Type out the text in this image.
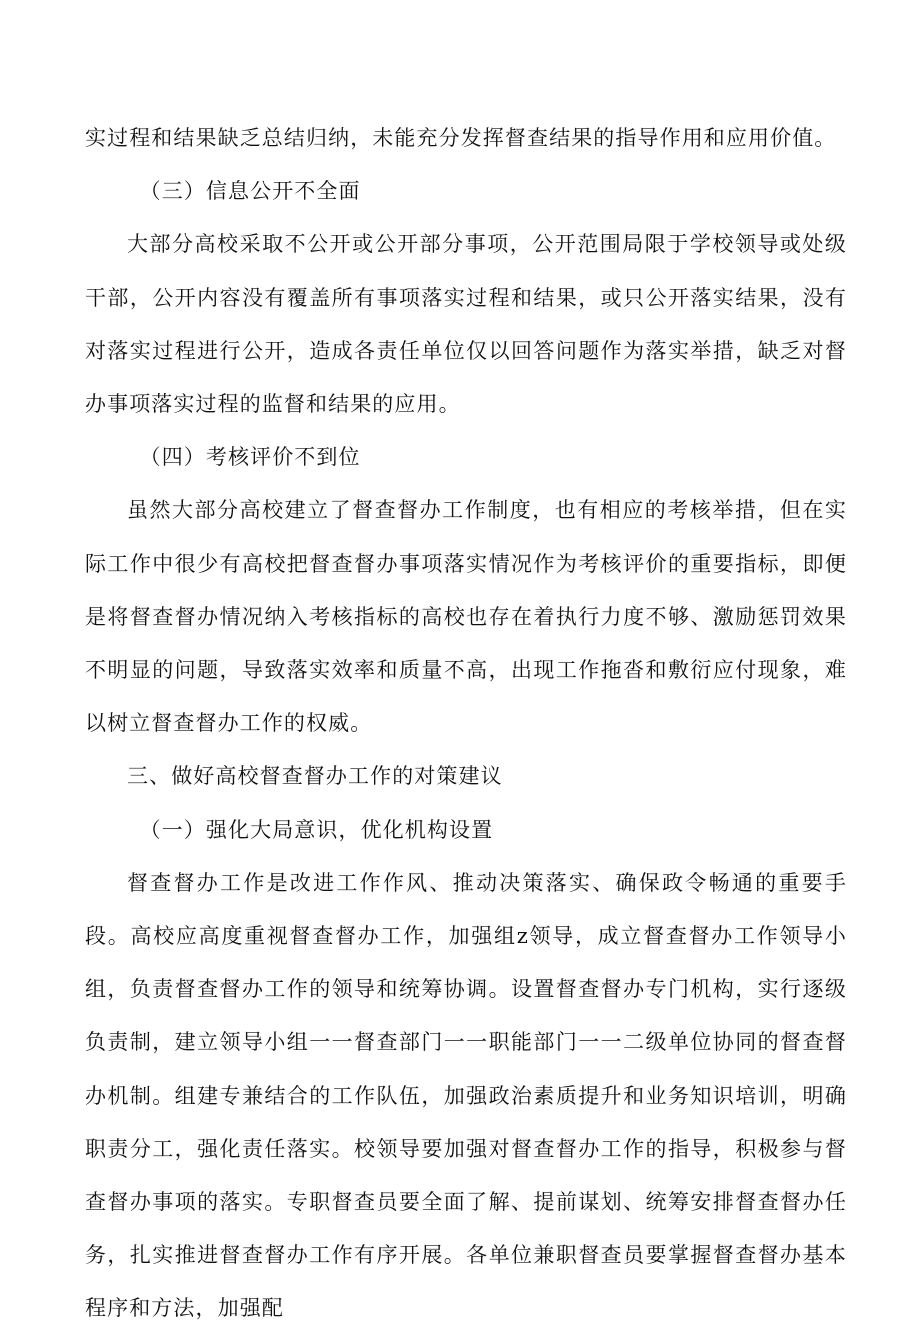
实过程和结果缺乏总结归纳，未能充分发挥督查结果的指导作用和应用价值。

（三）信息公开不全面

大部分高校采取不公开或公开部分事项，公开范围局限于学校领导或处级干部，公开内容没有覆盖所有事项落实过程和结果，或只公开落实结果，没有对落实过程进行公开，造成各责任单位仅以回答问题作为落实举措，缺乏对督办事项落实过程的监督和结果的应用。

（四）考核评价不到位

虽然大部分高校建立了督查督办工作制度，也有相应的考核举措，但在实际工作中很少有高校把督查督办事项落实情况作为考核评价的重要指标，即便是将督查督办情况纳入考核指标的高校也存在着执行力度不够、激励惩罚效果不明显的问题，导致落实效率和质量不高，出现工作拖沓和敷衍应付现象，难以树立督查督办工作的权威。

三、做好高校督查督办工作的对策建议

（一）强化大局意识，优化机构设置

督查督办工作是改进工作作风、推动决策落实、确保政令畅通的重要手段。高校应高度重视督查督办工作，加强组z领导，成立督查督办工作领导小组，负责督查督办工作的领导和统筹协调。设置督查督办专门机构，实行逐级负责制，建立领导小组一一督查部门一一职能部门一一二级单位协同的督查督办机制。组建专兼结合的工作队伍，加强政治素质提升和业务知识培训，明确职责分工，强化责任落实。校领导要加强对督查督办工作的指导，积极参与督查督办事项的落实。专职督查员要全面了解、提前谋划、统筹安排督查督办任务，扎实推进督查督办工作有序开展。各单位兼职督查员要掌握督查督办基本程序和方法，加强配
